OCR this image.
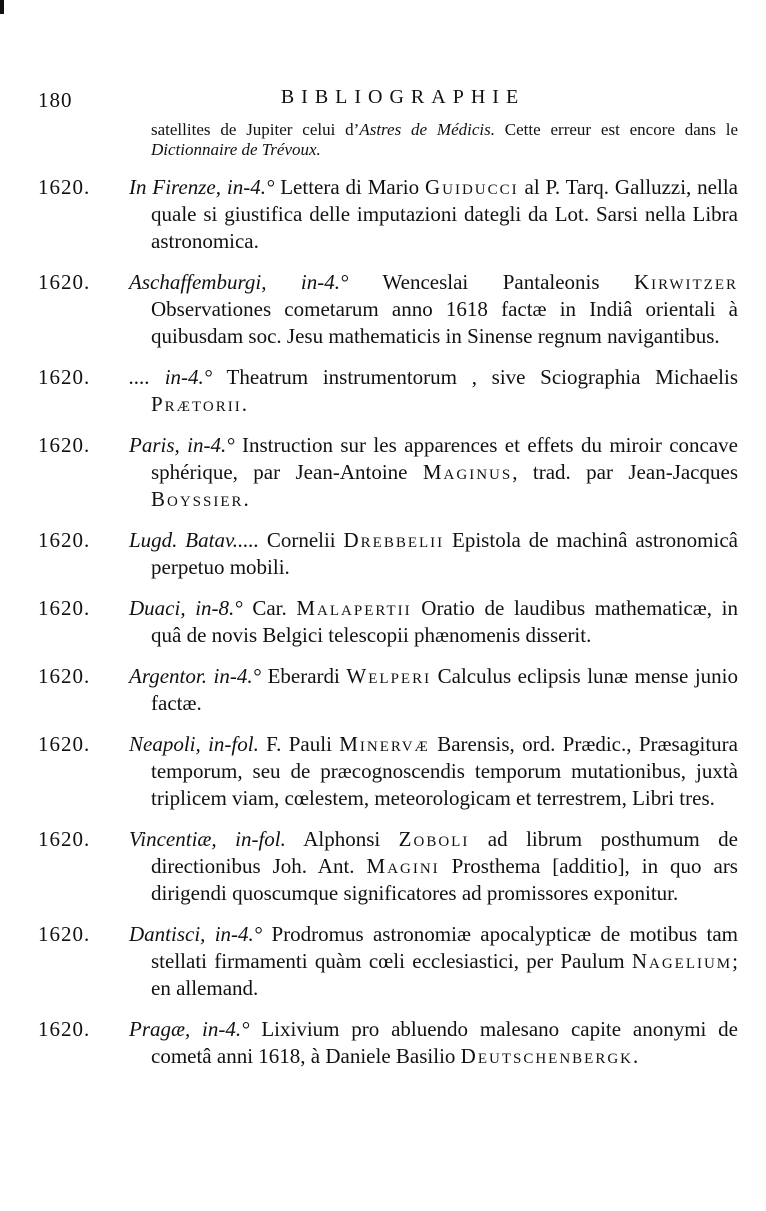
180	BIBLIOGRAPHIE
satellites de Jupiter celui d’Astres de Médicis. Cette erreur est encore dans le Dictionnaire de Trévoux.
1620.	In Firenze, in-4.° Lettera di Mario Guiducci al P. Tarq. Galluzzi, nella quale si giustifica delle imputazioni dategli da Lot. Sarsi nella Libra astronomica.
1620.	Aschaffemburgi, in-4.° Wenceslai Pantaleonis Kirwitzer Observationes cometarum anno 1618 factæ in Indiâ orientali à quibusdam soc. Jesu mathematicis in Sinense regnum navigantibus.
1620.	.... in-4.° Theatrum instrumentorum , sive Sciographia Michaelis Prætorii.
1620.	Paris, in-4.° Instruction sur les apparences et effets du miroir concave sphérique, par Jean-Antoine Maginus, trad. par Jean-Jacques Boyssier.
1620.	Lugd. Batav..... Cornelii Drebbelii Epistola de machinâ astronomicâ perpetuo mobili.
1620.	Duaci, in-8.° Car. Malapertii Oratio de laudibus mathematicæ, in quâ de novis Belgici telescopii phænomenis disserit.
1620.	Argentor. in-4.° Eberardi Welperi Calculus eclipsis lunæ mense junio factæ.
1620.	Neapoli, in-fol. F. Pauli Minervæ Barensis, ord. Prædic., Præsagitura temporum, seu de præcognoscendis temporum mutationibus, juxtà triplicem viam, cœlestem, meteorologicam et terrestrem, Libri tres.
1620.	Vincentiæ, in-fol. Alphonsi Zoboli ad librum posthumum de directionibus Joh. Ant. Magini Prosthema [additio], in quo ars dirigendi quoscumque significatores ad promissores exponitur.
1620.	Dantisci, in-4.° Prodromus astronomiæ apocalypticæ de motibus tam stellati firmamenti quàm cœli ecclesiastici, per Paulum Nagelium; en allemand.
1620.	Pragæ, in-4.° Lixivium pro abluendo malesano capite anonymi de cometâ anni 1618, à Daniele Basilio Deutschenbergk.
